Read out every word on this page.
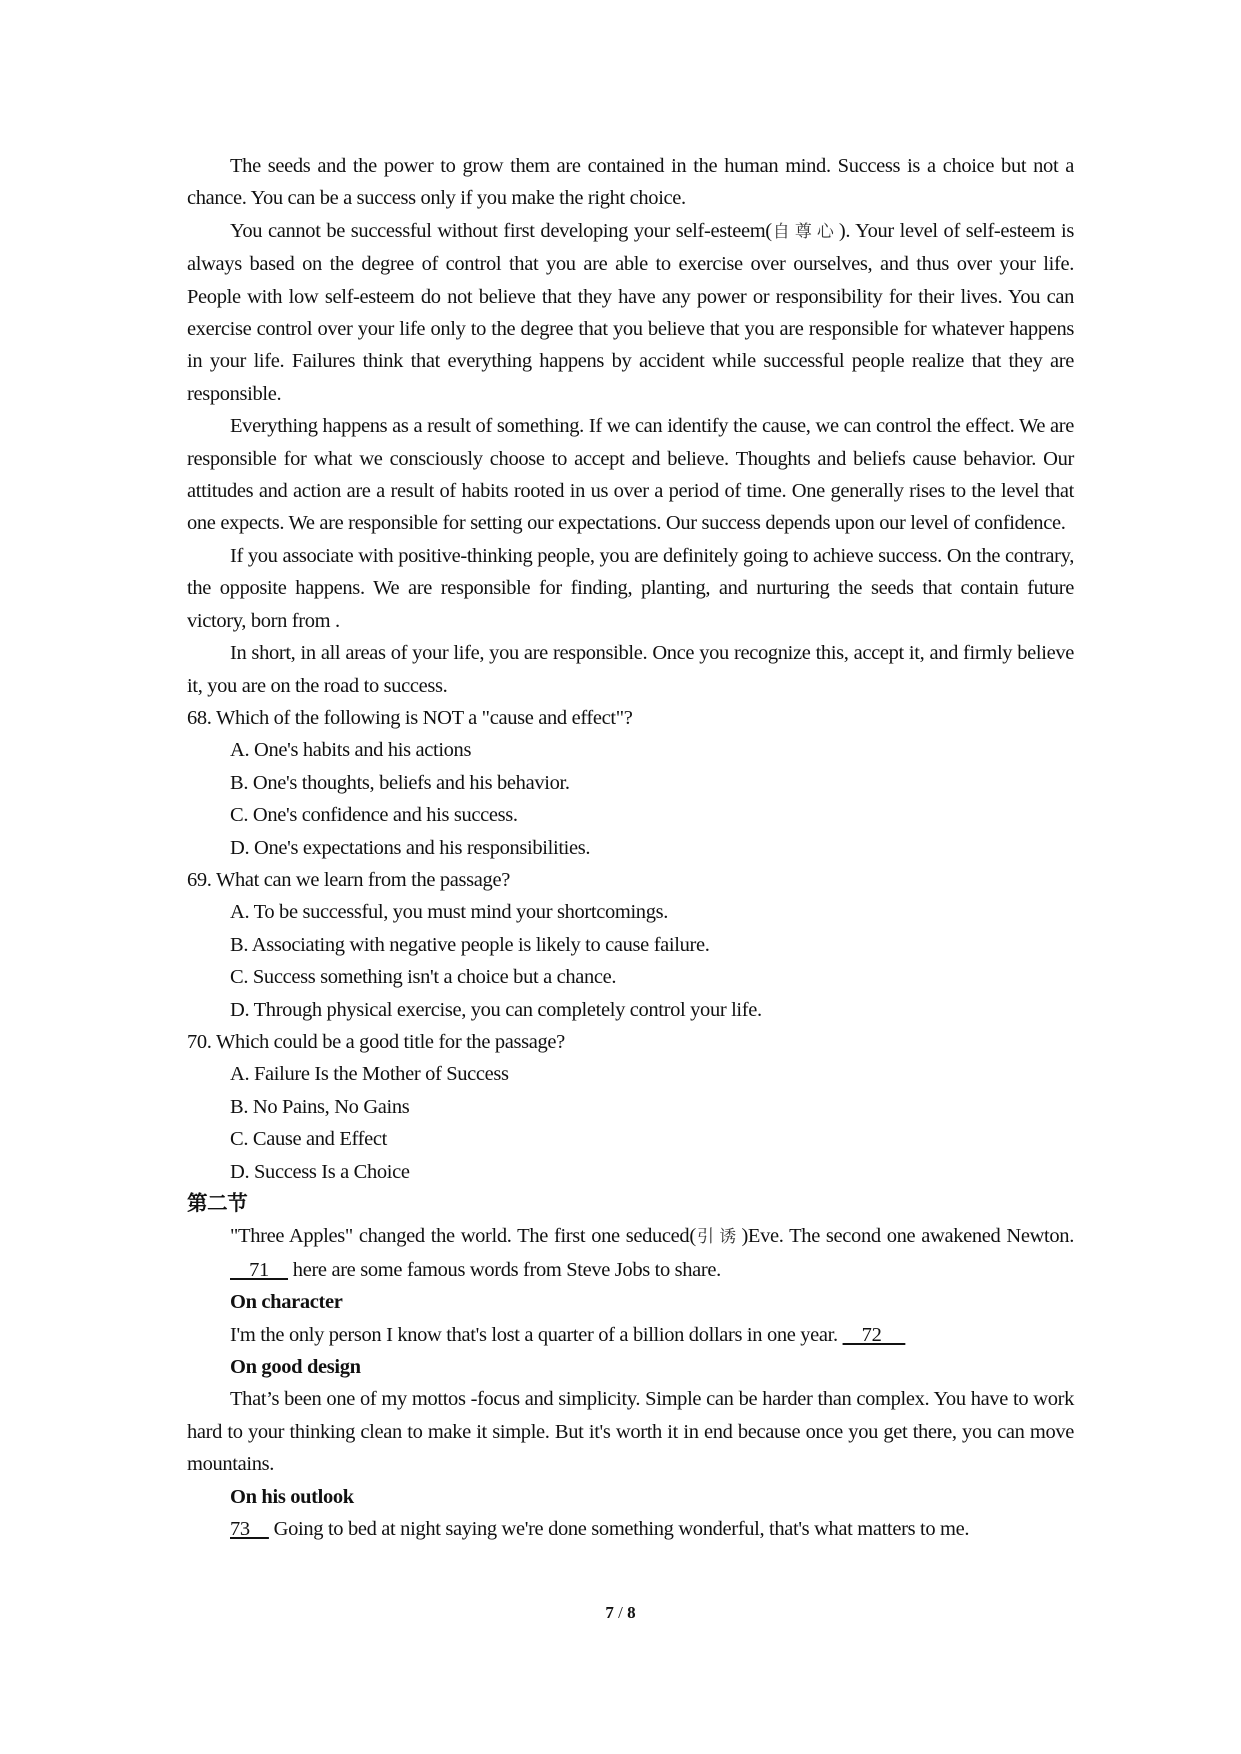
The seeds and the power to grow them are contained in the human mind. Success is a choice but not a chance. You can be a success only if you make the right choice.

You cannot be successful without first developing your self-esteem(自尊心). Your level of self-esteem is always based on the degree of control that you are able to exercise over ourselves, and thus over your life. People with low self-esteem do not believe that they have any power or responsibility for their lives. You can exercise control over your life only to the degree that you believe that you are responsible for whatever happens in your life. Failures think that everything happens by accident while successful people realize that they are responsible.

Everything happens as a result of something. If we can identify the cause, we can control the effect. We are responsible for what we consciously choose to accept and believe. Thoughts and beliefs cause behavior. Our attitudes and action are a result of habits rooted in us over a period of time. One generally rises to the level that one expects. We are responsible for setting our expectations. Our success depends upon our level of confidence.

If you associate with positive-thinking people, you are definitely going to achieve success. On the contrary, the opposite happens. We are responsible for finding, planting, and nurturing the seeds that contain future victory, born from .

In short, in all areas of your life, you are responsible. Once you recognize this, accept it, and firmly believe it, you are on the road to success.

68. Which of the following is NOT a "cause and effect"?

A. One's habits and his actions

B. One's thoughts, beliefs and his behavior.

C. One's confidence and his success.

D. One's expectations and his responsibilities.

69. What can we learn from the passage?

A. To be successful, you must mind your shortcomings.

B. Associating with negative people is likely to cause failure.

C. Success something isn't a choice but a chance.

D. Through physical exercise, you can completely control your life.

70. Which could be a good title for the passage?

A. Failure Is the Mother of Success

B. No Pains, No Gains

C. Cause and Effect

D. Success Is a Choice

第二节

"Three Apples" changed the world. The first one seduced(引诱)Eve. The second one awakened Newton.     71     here are some famous words from Steve Jobs to share.

On character

I'm the only person I know that's lost a quarter of a billion dollars in one year.     72

On good design

That’s been one of my mottos -focus and simplicity. Simple can be harder than complex. You have to work hard to your thinking clean to make it simple. But it's worth it in end because once you get there, you can move mountains.

On his outlook

73     Going to bed at night saying we're done something wonderful, that's what matters to me.

7 / 8
